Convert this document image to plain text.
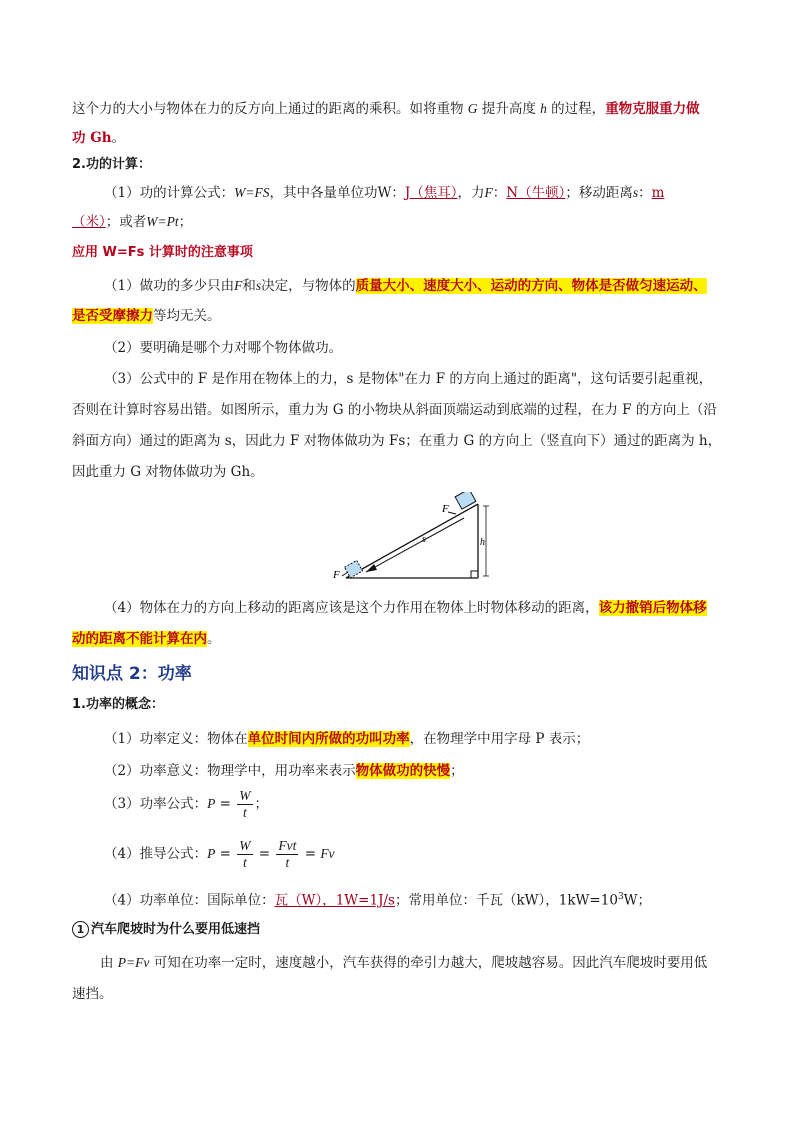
这个力的大小与物体在力的反方向上通过的距离的乘积。如将重物 G 提升高度 h 的过程，重物克服重力做
功 Gh。
2.功的计算：
（1）功的计算公式：W=FS，其中各量单位功W：J（焦耳），力F：N（牛顿）；移动距离s：m
（米）；或者W=Pt；
应用 W=Fs 计算时的注意事项
（1）做功的多少只由F和s决定，与物体的质量大小、速度大小、运动的方向、物体是否做匀速运动、
是否受摩擦力等均无关。
（2）要明确是哪个力对哪个物体做功。
（3）公式中的 F 是作用在物体上的力，s 是物体"在力 F 的方向上通过的距离"，这句话要引起重视，
否则在计算时容易出错。如图所示，重力为 G 的小物块从斜面顶端运动到底端的过程，在力 F 的方向上（沿
斜面方向）通过的距离为 s，因此力 F 对物体做功为 Fs；在重力 G 的方向上（竖直向下）通过的距离为 h，
因此重力 G 对物体做功为 Gh。
s
F
F
h
（4）物体在力的方向上移动的距离应该是这个力作用在物体上时物体移动的距离，该力撤销后物体移
动的距离不能计算在内。
知识点 2：功率
1.功率的概念：
（1）功率定义：物体在单位时间内所做的功叫功率，在物理学中用字母 P 表示；
（2）功率意义：物理学中，用功率来表示物体做功的快慢；
（3）功率公式：$P = \frac{W}{t}$ ；
（4）推导公式：$P = \frac{W}{t} = \frac{\text{Fvt}}{t} = Fv$
（4）功率单位：国际单位：瓦（W），1W=1J/s；常用单位：千瓦（kW），$1kW=10^3W$；
1 汽车爬坡时为什么要用低速挡
由 P=Fv 可知在功率一定时，速度越小，汽车获得的牵引力越大，爬坡越容易。因此汽车爬坡时要用低
速挡。
